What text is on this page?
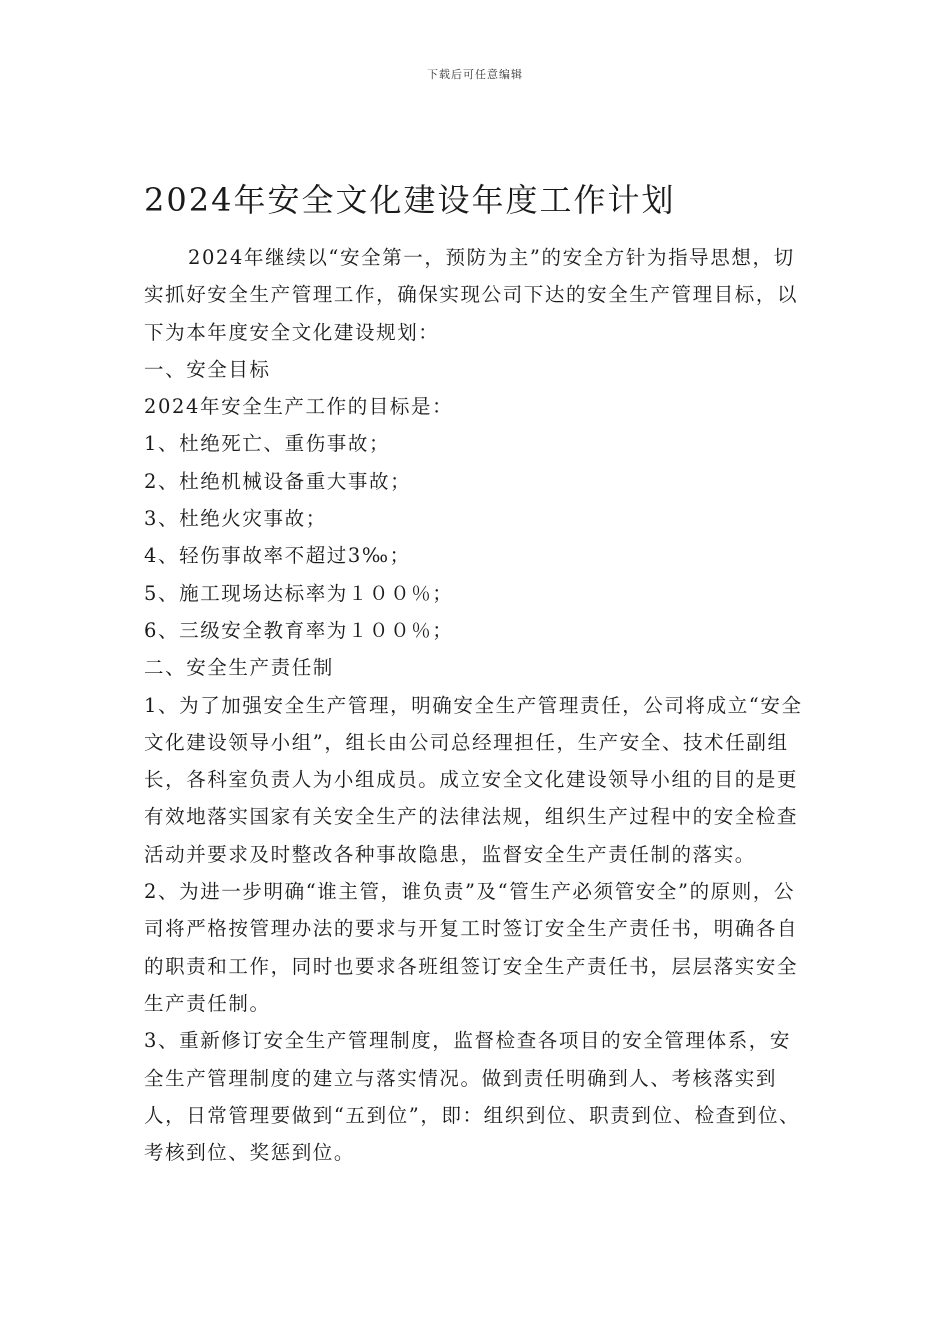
下载后可任意编辑
2024年安全文化建设年度工作计划

2024年继续以“安全第一，预防为主”的安全方针为指导思想，切实抓好安全生产管理工作，确保实现公司下达的安全生产管理目标，以下为本年度安全文化建设规划：

一、安全目标

2024年安全生产工作的目标是：

1、杜绝死亡、重伤事故；

2、杜绝机械设备重大事故；

3、杜绝火灾事故；

4、轻伤事故率不超过3‰；

5、施工现场达标率为１００％；

6、三级安全教育率为１００％；

二、安全生产责任制

1、为了加强安全生产管理，明确安全生产管理责任，公司将成立“安全文化建设领导小组”，组长由公司总经理担任，生产安全、技术任副组长，各科室负责人为小组成员。成立安全文化建设领导小组的目的是更有效地落实国家有关安全生产的法律法规，组织生产过程中的安全检查活动并要求及时整改各种事故隐患，监督安全生产责任制的落实。

2、为进一步明确“谁主管，谁负责”及“管生产必须管安全”的原则，公司将严格按管理办法的要求与开复工时签订安全生产责任书，明确各自的职责和工作，同时也要求各班组签订安全生产责任书，层层落实安全生产责任制。

3、重新修订安全生产管理制度，监督检查各项目的安全管理体系，安全生产管理制度的建立与落实情况。做到责任明确到人、考核落实到人，日常管理要做到“五到位”，即：组织到位、职责到位、检查到位、考核到位、奖惩到位。
